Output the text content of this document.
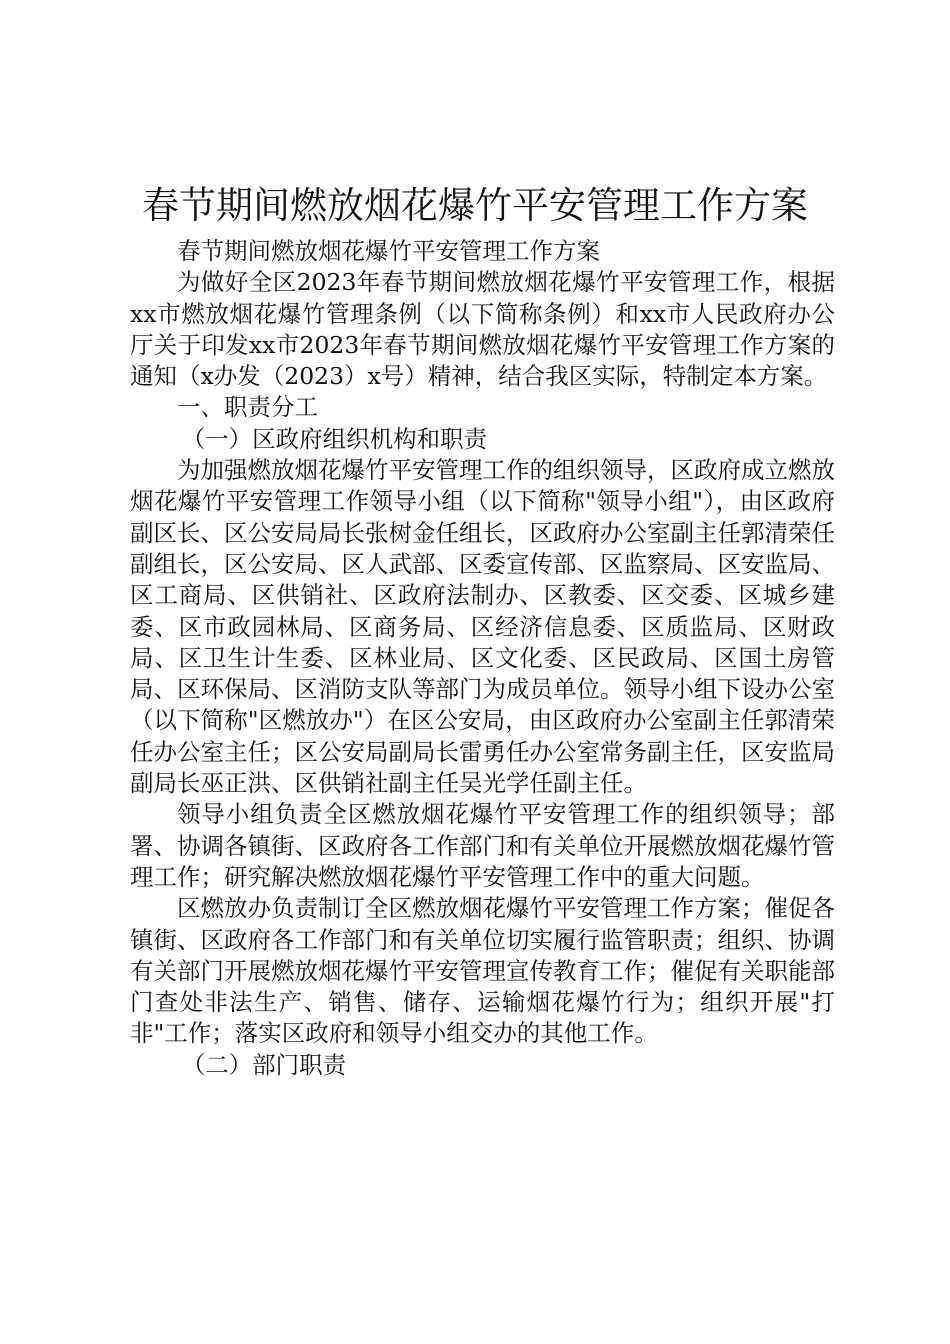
春节期间燃放烟花爆竹平安管理工作方案

春节期间燃放烟花爆竹平安管理工作方案

为做好全区2023年春节期间燃放烟花爆竹平安管理工作，根据xx市燃放烟花爆竹管理条例（以下简称条例）和xx市人民政府办公厅关于印发xx市2023年春节期间燃放烟花爆竹平安管理工作方案的通知（x办发（2023）x号）精神，结合我区实际，特制定本方案。

一、职责分工

（一）区政府组织机构和职责

为加强燃放烟花爆竹平安管理工作的组织领导，区政府成立燃放烟花爆竹平安管理工作领导小组（以下简称"领导小组"），由区政府副区长、区公安局局长张树金任组长，区政府办公室副主任郭清荣任副组长，区公安局、区人武部、区委宣传部、区监察局、区安监局、区工商局、区供销社、区政府法制办、区教委、区交委、区城乡建委、区市政园林局、区商务局、区经济信息委、区质监局、区财政局、区卫生计生委、区林业局、区文化委、区民政局、区国土房管局、区环保局、区消防支队等部门为成员单位。领导小组下设办公室（以下简称"区燃放办"）在区公安局，由区政府办公室副主任郭清荣任办公室主任；区公安局副局长雷勇任办公室常务副主任，区安监局副局长巫正洪、区供销社副主任吴光学任副主任。

领导小组负责全区燃放烟花爆竹平安管理工作的组织领导；部署、协调各镇街、区政府各工作部门和有关单位开展燃放烟花爆竹管理工作；研究解决燃放烟花爆竹平安管理工作中的重大问题。

区燃放办负责制订全区燃放烟花爆竹平安管理工作方案；催促各镇街、区政府各工作部门和有关单位切实履行监管职责；组织、协调有关部门开展燃放烟花爆竹平安管理宣传教育工作；催促有关职能部门查处非法生产、销售、储存、运输烟花爆竹行为；组织开展"打非"工作；落实区政府和领导小组交办的其他工作。

（二）部门职责
